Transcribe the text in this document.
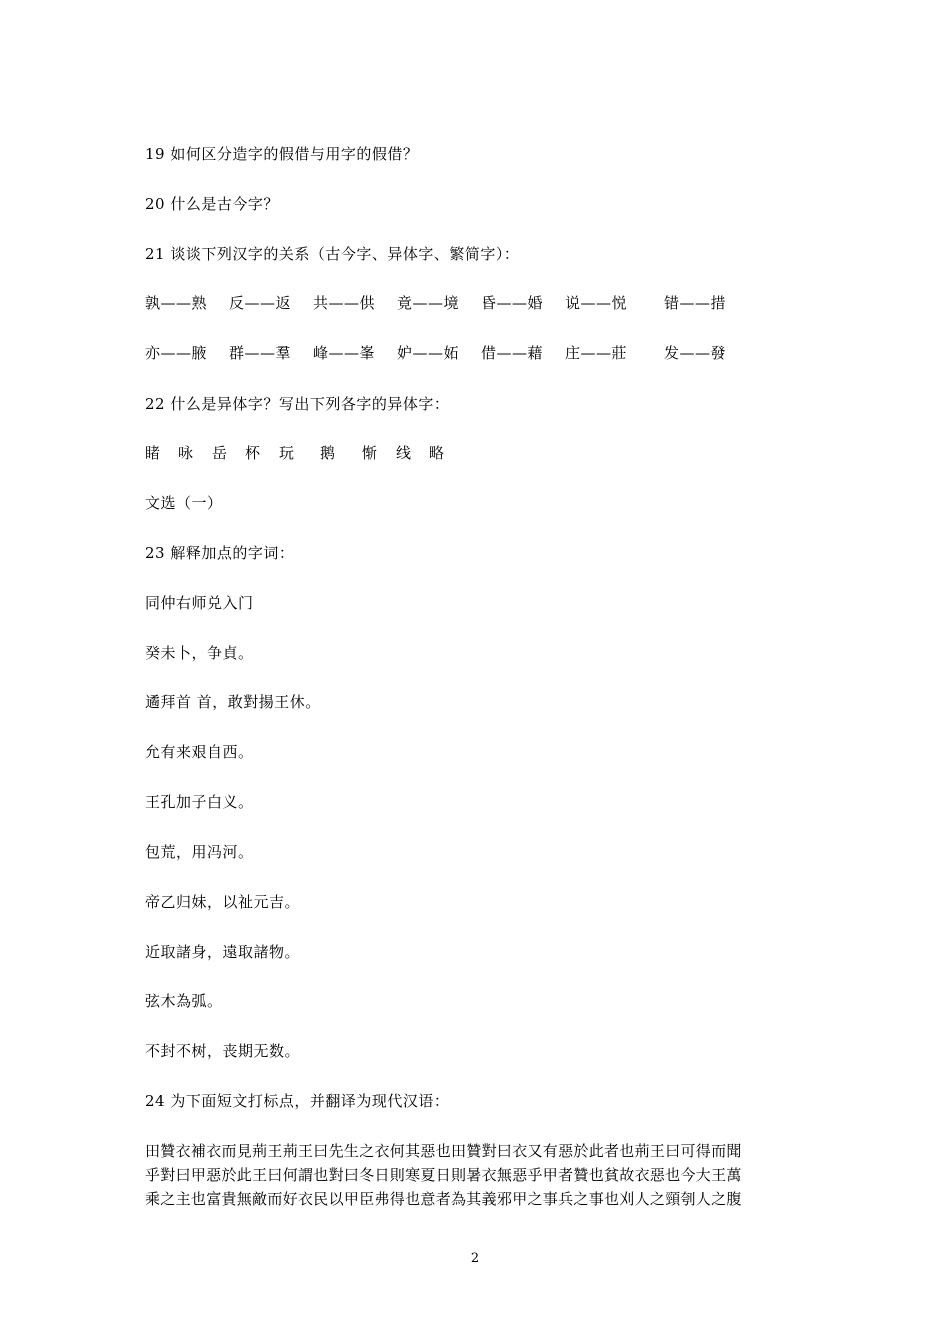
19 如何区分造字的假借与用字的假借？
20 什么是古今字？
21 谈谈下列汉字的关系（古今字、异体字、繁简字）：
孰——熟 反——返 共——供 竟——境 昏——婚 说——悦 错——措
亦——腋 群——羣 峰——峯 妒——妬 借——藉 庄——莊 发——發
22 什么是异体字？写出下列各字的异体字：
睹 咏 岳 杯 玩 鹅 惭 线 略
文选（一）
23 解释加点的字词：
同仲右师兑入门
癸未卜，争貞。
遹拜首 首，敢對揚王休。
允有来艰自西。
王孔加子白义。
包荒，用冯河。
帝乙归妹，以祉元吉。
近取諸身，遠取諸物。
弦木為弧。
不封不树，丧期无数。
24 为下面短文打标点，并翻译为现代汉语：
田贊衣補衣而見荊王荊王曰先生之衣何其惡也田贊對曰衣又有惡於此者也荊王曰可得而聞
乎對曰甲惡於此王曰何謂也對曰冬日則寒夏日則暑衣無惡乎甲者贊也貧故衣惡也今大王萬
乘之主也富貴無敵而好衣民以甲臣弗得也意者為其義邪甲之事兵之事也刈人之頸刳人之腹
2
